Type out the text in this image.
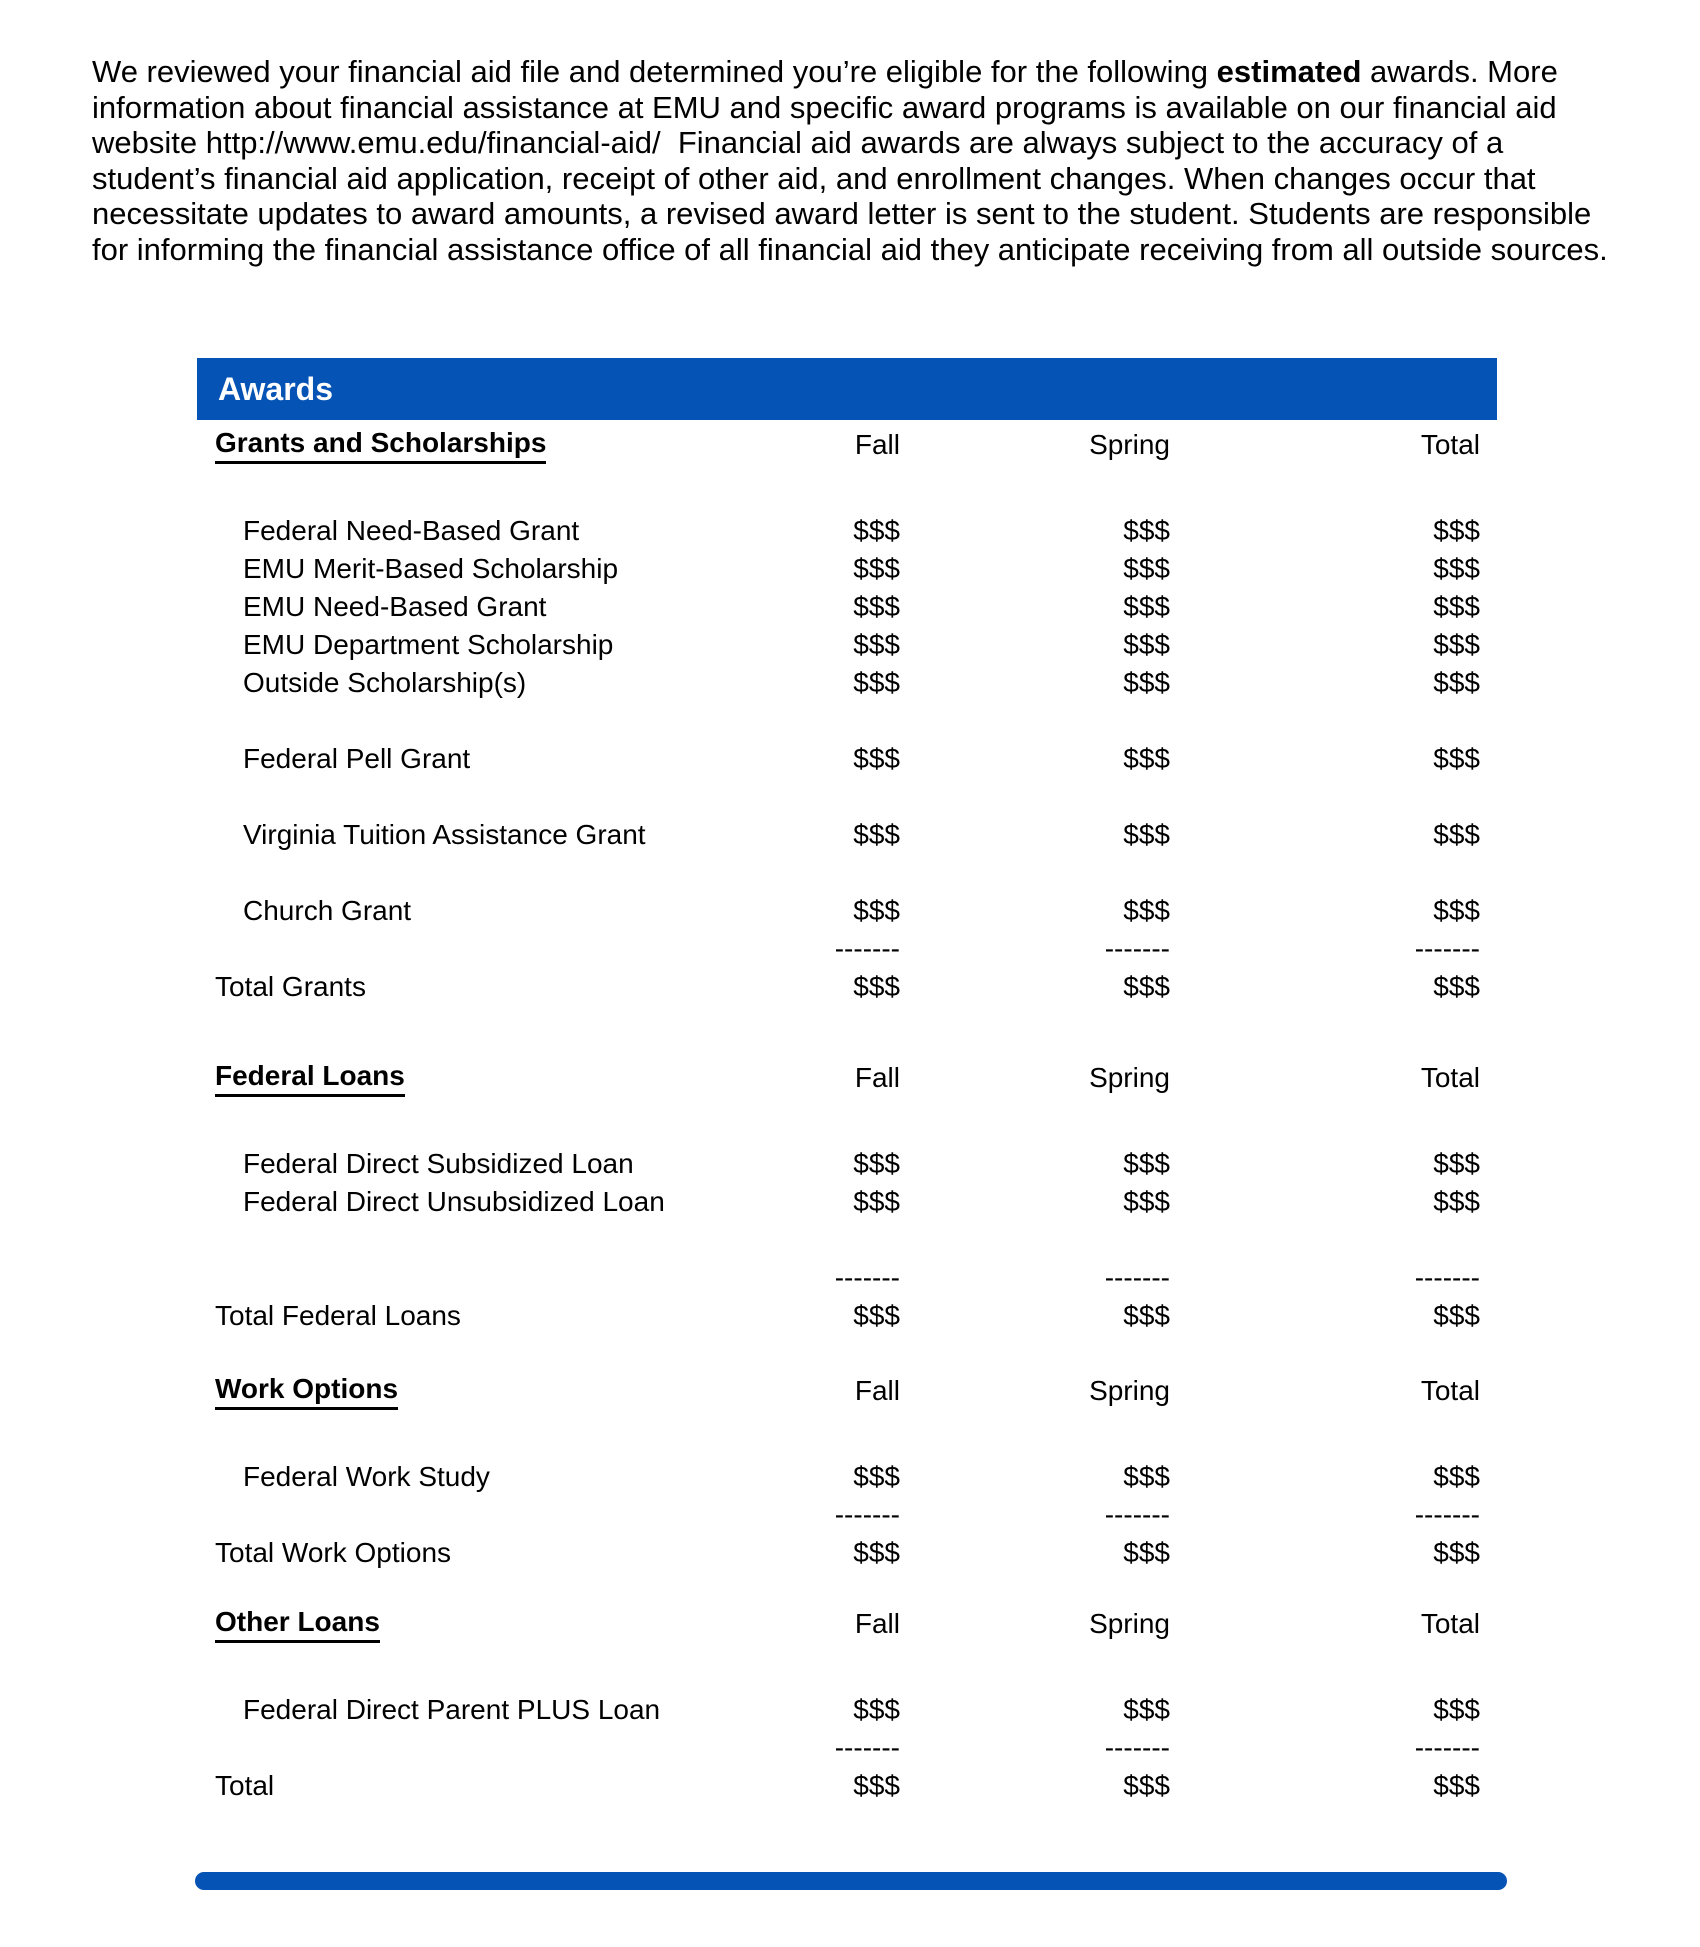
We reviewed your financial aid file and determined you’re eligible for the following estimated awards. More
information about financial assistance at EMU and specific award programs is available on our financial aid
website http://www.emu.edu/financial-aid/  Financial aid awards are always subject to the accuracy of a
student’s financial aid application, receipt of other aid, and enrollment changes. When changes occur that
necessitate updates to award amounts, a revised award letter is sent to the student. Students are responsible
for informing the financial assistance office of all financial aid they anticipate receiving from all outside sources.
Awards
Grants and Scholarships	Fall	Spring	Total
Federal Need-Based Grant	$$$	$$$	$$$
EMU Merit-Based Scholarship	$$$	$$$	$$$
EMU Need-Based Grant	$$$	$$$	$$$
EMU Department Scholarship	$$$	$$$	$$$
Outside Scholarship(s)	$$$	$$$	$$$
Federal Pell Grant	$$$	$$$	$$$
Virginia Tuition Assistance Grant	$$$	$$$	$$$
Church Grant	$$$	$$$	$$$
-------	-------	-------
Total Grants	$$$	$$$	$$$
Federal Loans	Fall	Spring	Total
Federal Direct Subsidized Loan	$$$	$$$	$$$
Federal Direct Unsubsidized Loan	$$$	$$$	$$$
-------	-------	-------
Total Federal Loans	$$$	$$$	$$$
Work Options	Fall	Spring	Total
Federal Work Study	$$$	$$$	$$$
-------	-------	-------
Total Work Options	$$$	$$$	$$$
Other Loans	Fall	Spring	Total
Federal Direct Parent PLUS Loan	$$$	$$$	$$$
-------	-------	-------
Total	$$$	$$$	$$$
